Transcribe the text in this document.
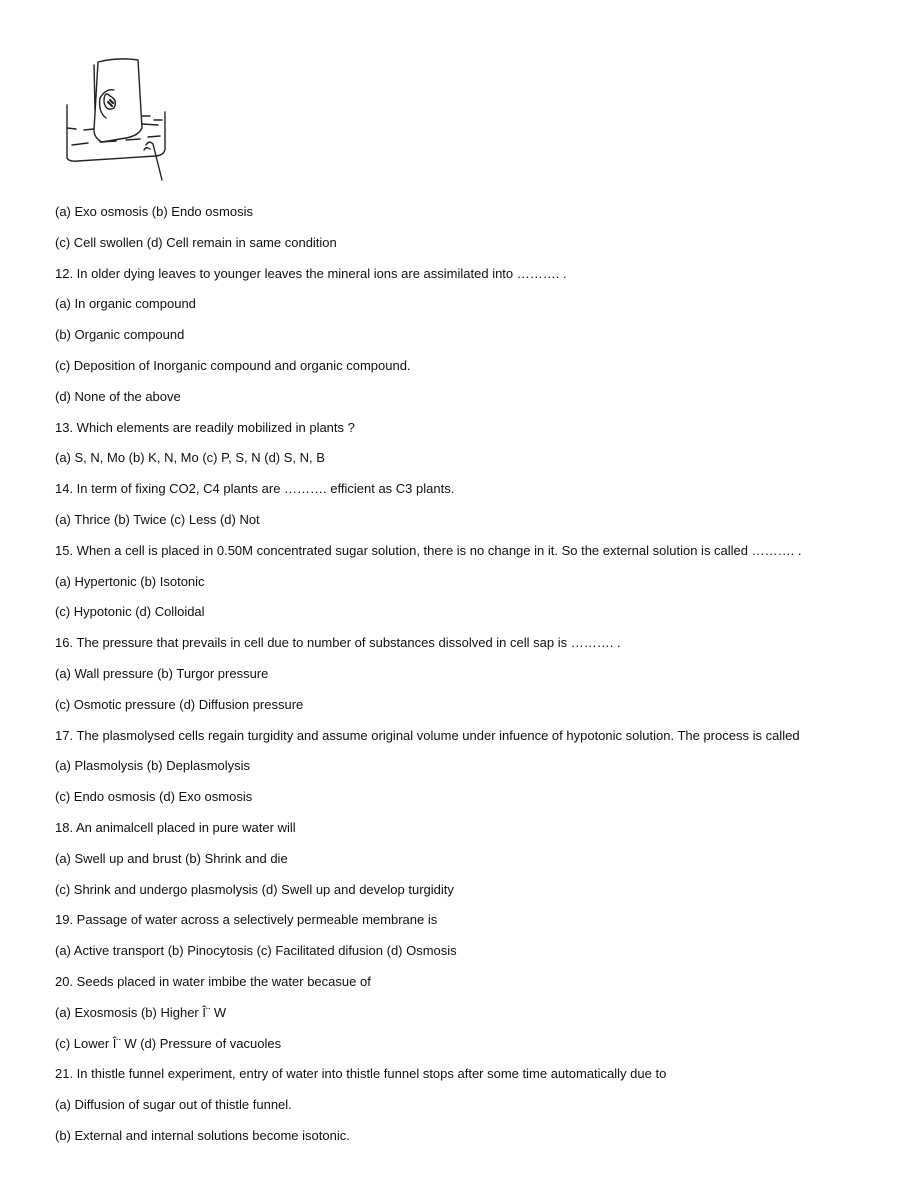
(a) Exo osmosis (b) Endo osmosis
(c) Cell swollen (d) Cell remain in same condition
12. In older dying leaves to younger leaves the mineral ions are assimilated into ………. .
(a) In organic compound
(b) Organic compound
(c) Deposition of Inorganic compound and organic compound.
(d) None of the above
13. Which elements are readily mobilized in plants ?
(a) S, N, Mo (b) K, N, Mo (c) P, S, N (d) S, N, B
14. In term of fixing CO2, C4 plants are ………. efficient as C3 plants.
(a) Thrice (b) Twice (c) Less (d) Not
15. When a cell is placed in 0.50M concentrated sugar solution, there is no change in it. So the external solution is called ………. .
(a) Hypertonic (b) Isotonic
(c) Hypotonic (d) Colloidal
16. The pressure that prevails in cell due to number of substances dissolved in cell sap is ………. .
(a) Wall pressure (b) Turgor pressure
(c) Osmotic pressure (d) Diffusion pressure
17. The plasmolysed cells regain turgidity and assume original volume under infuence of hypotonic solution. The process is called
(a) Plasmolysis (b) Deplasmolysis
(c) Endo osmosis (d) Exo osmosis
18. An animalcell placed in pure water will
(a) Swell up and brust (b) Shrink and die
(c) Shrink and undergo plasmolysis (d) Swell up and develop turgidity
19. Passage of water across a selectively permeable membrane is
(a) Active transport (b) Pinocytosis (c) Facilitated difusion (d) Osmosis
20. Seeds placed in water imbibe the water becasue of
(a) Exosmosis (b) Higher Î¨ W
(c) Lower Î¨ W (d) Pressure of vacuoles
21. In thistle funnel experiment, entry of water into thistle funnel stops after some time automatically due to
(a) Diffusion of sugar out of thistle funnel.
(b) External and internal solutions become isotonic.
